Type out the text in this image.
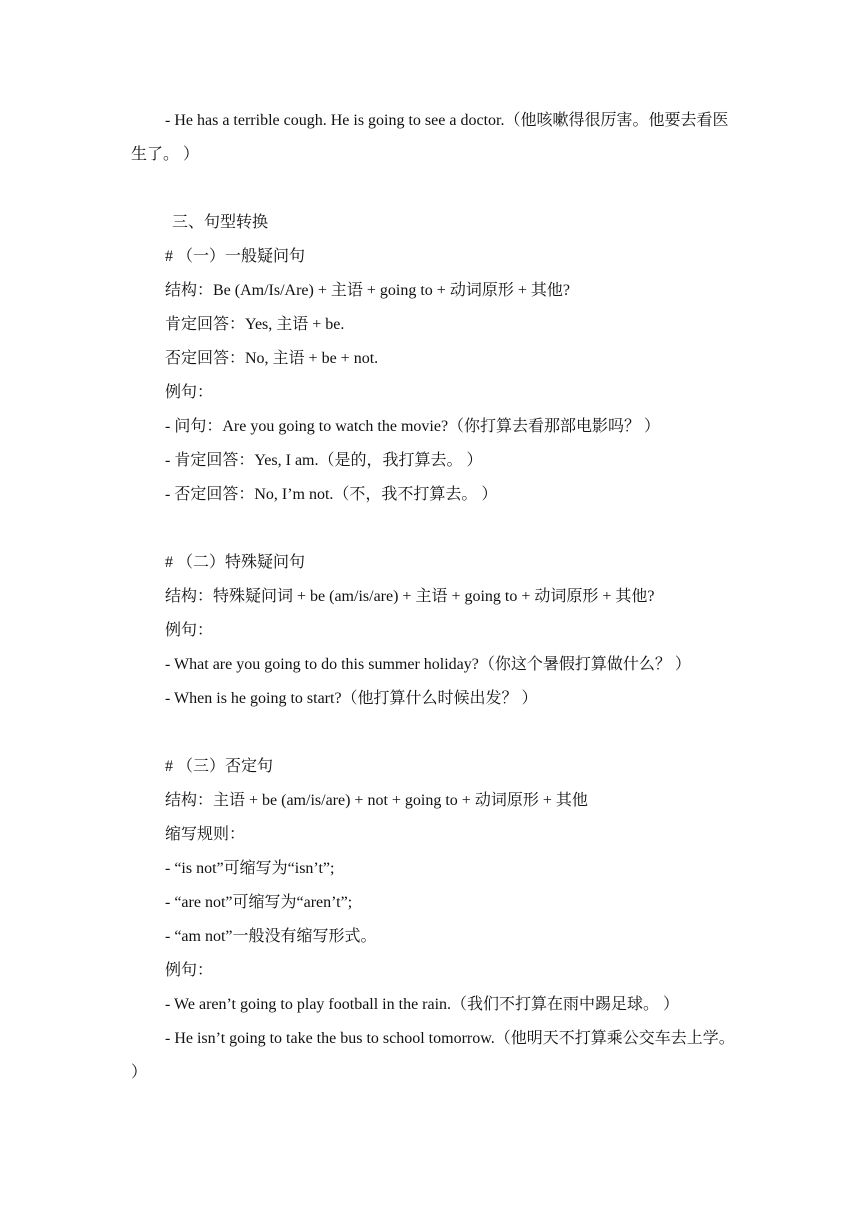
- He has a terrible cough. He is going to see a doctor.（他咳嗽得很厉害。他要去看医生了。 ）

三、句型转换

# （一）一般疑问句

结构：Be (Am/Is/Are) + 主语 + going to + 动词原形 + 其他?

肯定回答：Yes, 主语 + be.

否定回答：No, 主语 + be + not.

例句：

- 问句：Are you going to watch the movie?（你打算去看那部电影吗？ ）

- 肯定回答：Yes, I am.（是的，我打算去。 ）

- 否定回答：No, I’m not.（不，我不打算去。 ）

# （二）特殊疑问句

结构：特殊疑问词 + be (am/is/are) + 主语 + going to + 动词原形 + 其他?

例句：

- What are you going to do this summer holiday?（你这个暑假打算做什么？ ）

- When is he going to start?（他打算什么时候出发？ ）

# （三）否定句

结构：主语 + be (am/is/are) + not + going to + 动词原形 + 其他

缩写规则：

- “is not”可缩写为“isn’t”;

- “are not”可缩写为“aren’t”;

- “am not”一般没有缩写形式。

例句：

- We aren’t going to play football in the rain.（我们不打算在雨中踢足球。 ）

- He isn’t going to take the bus to school tomorrow.（他明天不打算乘公交车去上学。 ）
